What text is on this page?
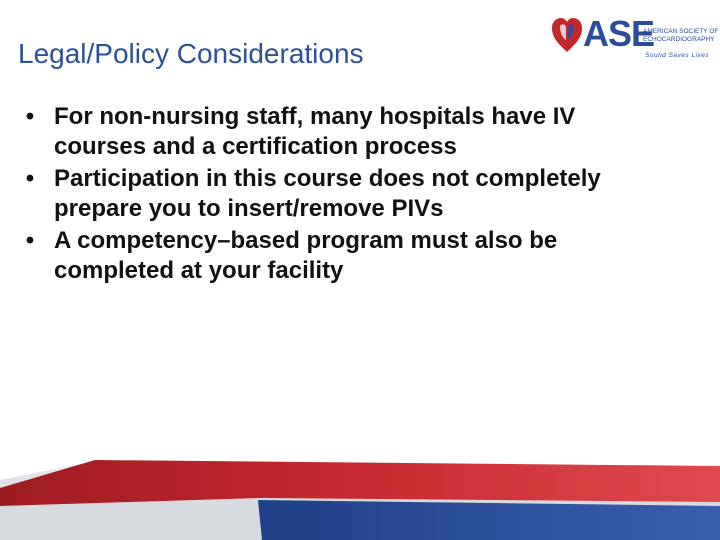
Legal/Policy Considerations	ASE
AMERICAN SOCIETY OF
ECHOCARDIOGRAPHY
Sound Saves Lives
• For non-nursing staff, many hospitals have IV courses and a certification process
• Participation in this course does not completely prepare you to insert/remove PIVs
• A competency–based program must also be completed at your facility
